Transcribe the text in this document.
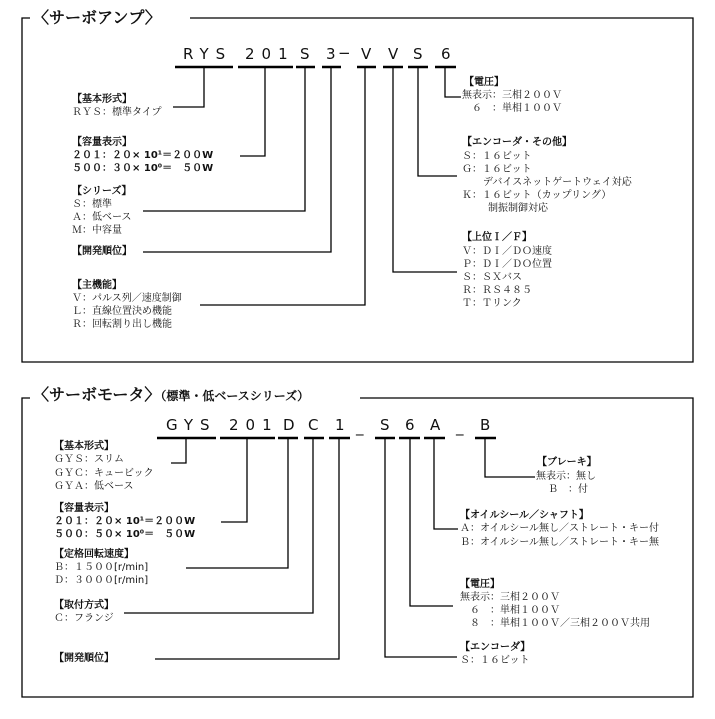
〈サーボアンプ〉
RYS 201 S 3
− V V S 6
【基本形式】
ＲＹＳ：標準タイプ
【容量表示】
２０１：２０× 10¹＝２００W
５００：３０× 10⁰＝　５０W
【シリーズ】
Ｓ：標準
Ａ：低ベース
Ｍ：中容量
【開発順位】
【主機能】
Ｖ：パルス列／速度制御
Ｌ：直線位置決め機能
Ｒ：回転割り出し機能
【電圧】
無表示：三相２００Ｖ
　６　：単相１００Ｖ
【エンコーダ・その他】
Ｓ：１６ビット
Ｇ：１６ビット
デバイスネットゲートウェイ対応
Ｋ：１６ビット（カップリング）
制振制御対応
【上位Ｉ／Ｆ】
Ｖ：ＤＩ／ＤＯ速度
Ｐ：ＤＩ／ＤＯ位置
Ｓ：ＳＸバス
Ｒ：ＲＳ４８５
Ｔ：Ｔリンク
〈サーボモータ〉（標準・低ベースシリーズ）
GYS 201 D C 1 _ S 6 A _ B
【基本形式】
ＧＹＳ：スリム
ＧＹＣ：キュービック
ＧＹＡ：低ベース
【容量表示】
２０１：２０× 10¹＝２００W
５００：５０× 10⁰＝　５０W
【定格回転速度】
Ｂ：１５００[r/min]
Ｄ：３０００[r/min]
【取付方式】
Ｃ：フランジ
【開発順位】
【ブレーキ】
無表示：無し
Ｂ　：付
【オイルシール／シャフト】
Ａ：オイルシール無し／ストレート・キー付
Ｂ：オイルシール無し／ストレート・キー無
【電圧】
無表示：三相２００Ｖ
　６　：単相１００Ｖ
　８　：単相１００Ｖ／三相２００Ｖ共用
【エンコーダ】
Ｓ：１６ビット
